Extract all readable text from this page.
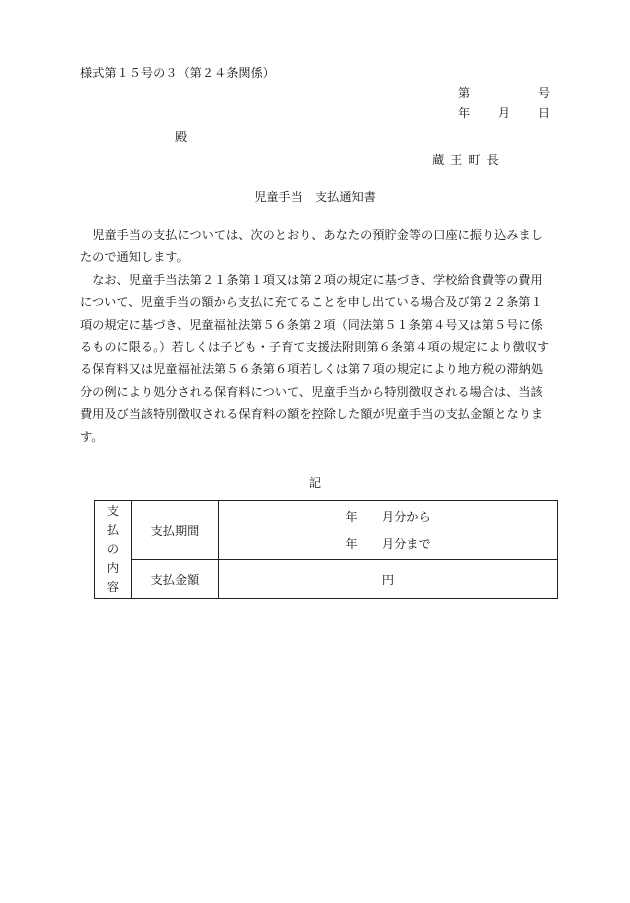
様式第１５号の３（第２４条関係）
第	号
年 月 日
殿
蔵王町長
児童手当　支払通知書

児童手当の支払については、次のとおり、あなたの預貯金等の口座に振り込みましたので通知します。

なお、児童手当法第２１条第１項又は第２項の規定に基づき、学校給食費等の費用について、児童手当の額から支払に充てることを申し出ている場合及び第２２条第１項の規定に基づき、児童福祉法第５６条第２項（同法第５１条第４号又は第５号に係るものに限る。）若しくは子ども・子育て支援法附則第６条第４項の規定により徴収する保育料又は児童福祉法第５６条第６項若しくは第７項の規定により地方税の滞納処分の例により処分される保育料について、児童手当から特別徴収される場合は、当該費用及び当該特別徴収される保育料の額を控除した額が児童手当の支払金額となります。

記
支
払
の
内
容	支払期間	年　　月分から
年　　月分まで

	支払金額	円
